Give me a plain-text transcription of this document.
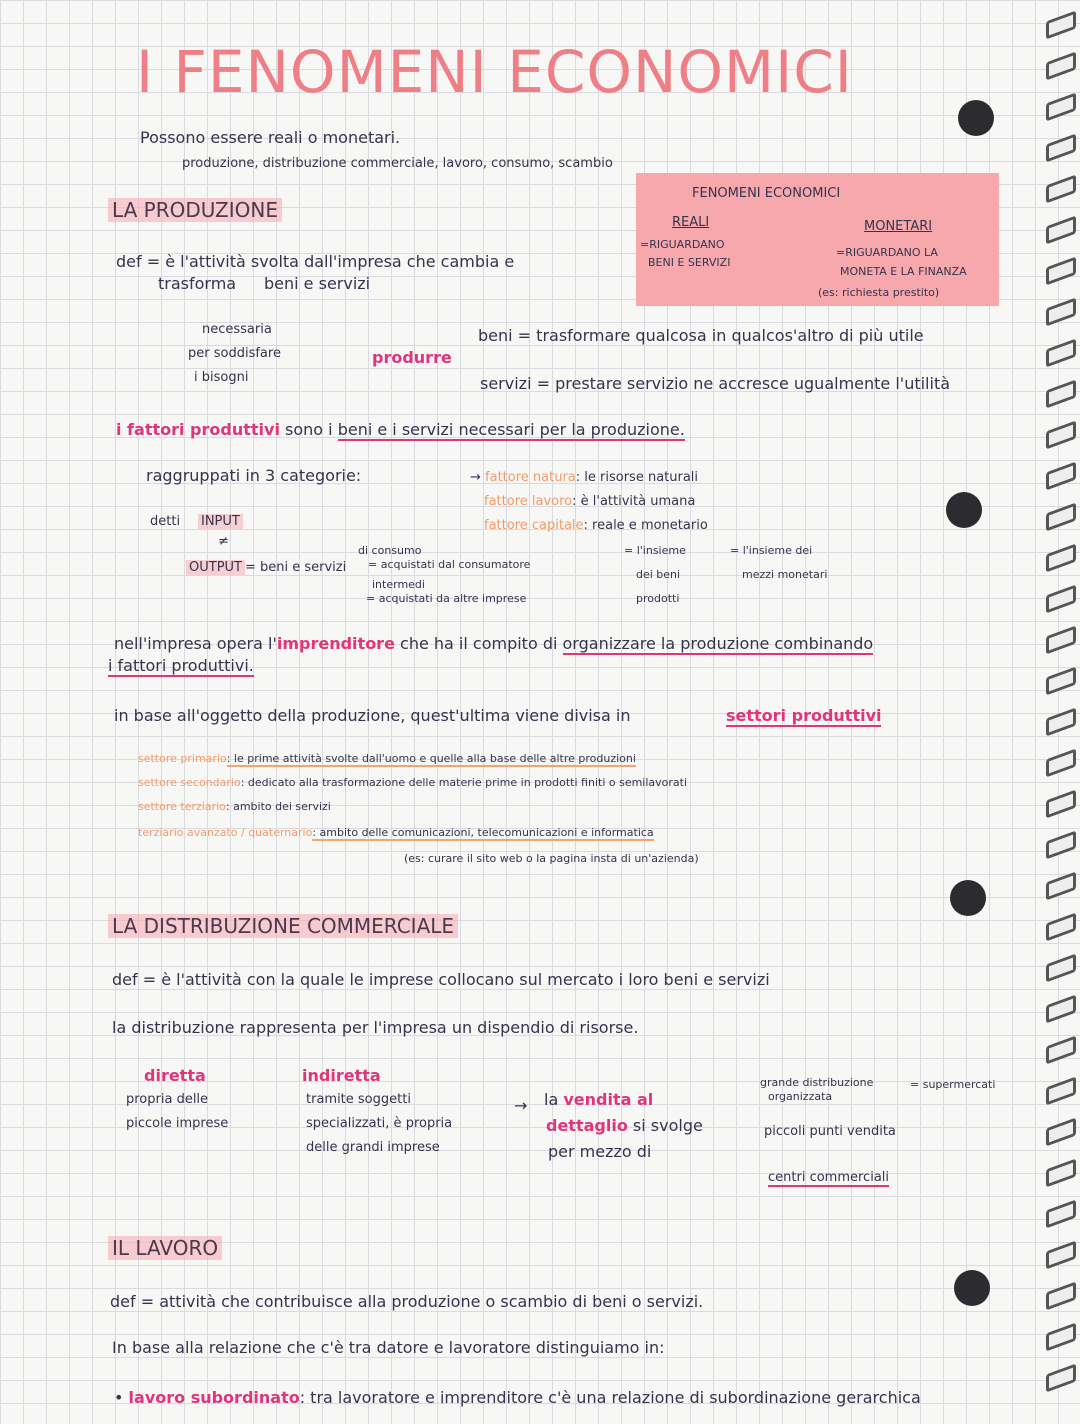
I FENOMENI ECONOMICI
Possono essere reali o monetari.
produzione, distribuzione commerciale, lavoro, consumo, scambio
FENOMENI ECONOMICI
REALI
=RIGUARDANO
BENI E SERVIZI
MONETARI
=RIGUARDANO LA
MONETA E LA FINANZA
(es: richiesta prestito)
LA PRODUZIONE
def = è l'attività svolta dall'impresa che cambia e
trasforma beni e servizi
necessaria
per soddisfare
i bisogni
produrre
beni = trasformare qualcosa in qualcos'altro di più utile
servizi = prestare servizio ne accresce ugualmente l'utilità
i fattori produttivi sono i beni e i servizi necessari per la produzione.
raggruppati in 3 categorie:	→ fattore natura: le risorse naturali
fattore lavoro: è l'attività umana
fattore capitale: reale e monetario
= l'insieme
dei beni
prodotti
= l'insieme dei
mezzi monetari
detti INPUT
≠
OUTPUT = beni e servizi
di consumo
= acquistati dal consumatore
intermedi
= acquistati da altre imprese
nell'impresa opera l'imprenditore che ha il compito di organizzare la produzione combinando
i fattori produttivi.
in base all'oggetto della produzione, quest'ultima viene divisa in	settori produttivi
settore primario: le prime attività svolte dall'uomo e quelle alla base delle altre produzioni
settore secondario: dedicato alla trasformazione delle materie prime in prodotti finiti o semilavorati
settore terziario: ambito dei servizi
terziario avanzato / quaternario: ambito delle comunicazioni, telecomunicazioni e informatica
(es: curare il sito web o la pagina insta di un'azienda)
LA DISTRIBUZIONE COMMERCIALE
def = è l'attività con la quale le imprese collocano sul mercato i loro beni e servizi
la distribuzione rappresenta per l'impresa un dispendio di risorse.
diretta
propria delle
piccole imprese
indiretta
tramite soggetti
specializzati, è propria
delle grandi imprese
→ la vendita al
dettaglio si svolge
per mezzo di
grande distribuzione
organizzata
= supermercati
piccoli punti vendita
centri commerciali
IL LAVORO
def = attività che contribuisce alla produzione o scambio di beni o servizi.
In base alla relazione che c'è tra datore e lavoratore distinguiamo in:
• lavoro subordinato: tra lavoratore e imprenditore c'è una relazione di subordinazione gerarchica
